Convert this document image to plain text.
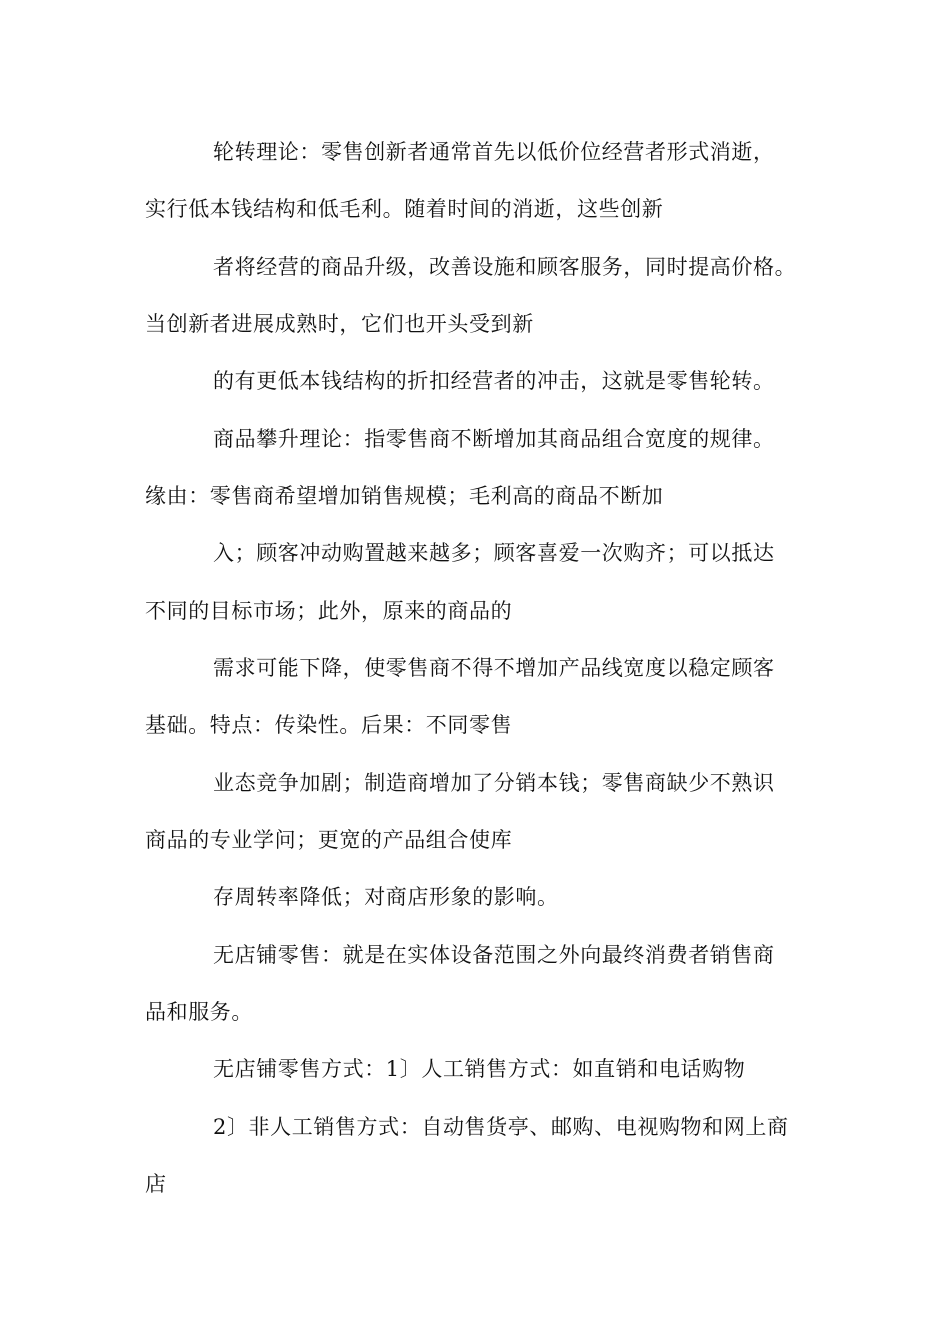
轮转理论：零售创新者通常首先以低价位经营者形式消逝，

实行低本钱结构和低毛利。随着时间的消逝，这些创新

者将经营的商品升级，改善设施和顾客服务，同时提高价格。

当创新者进展成熟时，它们也开头受到新

的有更低本钱结构的折扣经营者的冲击，这就是零售轮转。

商品攀升理论：指零售商不断增加其商品组合宽度的规律。

缘由：零售商希望增加销售规模；毛利高的商品不断加

入；顾客冲动购置越来越多；顾客喜爱一次购齐；可以抵达

不同的目标市场；此外，原来的商品的

需求可能下降，使零售商不得不增加产品线宽度以稳定顾客

基础。特点：传染性。后果：不同零售

业态竞争加剧；制造商增加了分销本钱；零售商缺少不熟识

商品的专业学问；更宽的产品组合使库

存周转率降低；对商店形象的影响。

无店铺零售：就是在实体设备范围之外向最终消费者销售商

品和服务。

无店铺零售方式：1〕人工销售方式：如直销和电话购物

2〕非人工销售方式：自动售货亭、邮购、电视购物和网上商

店
